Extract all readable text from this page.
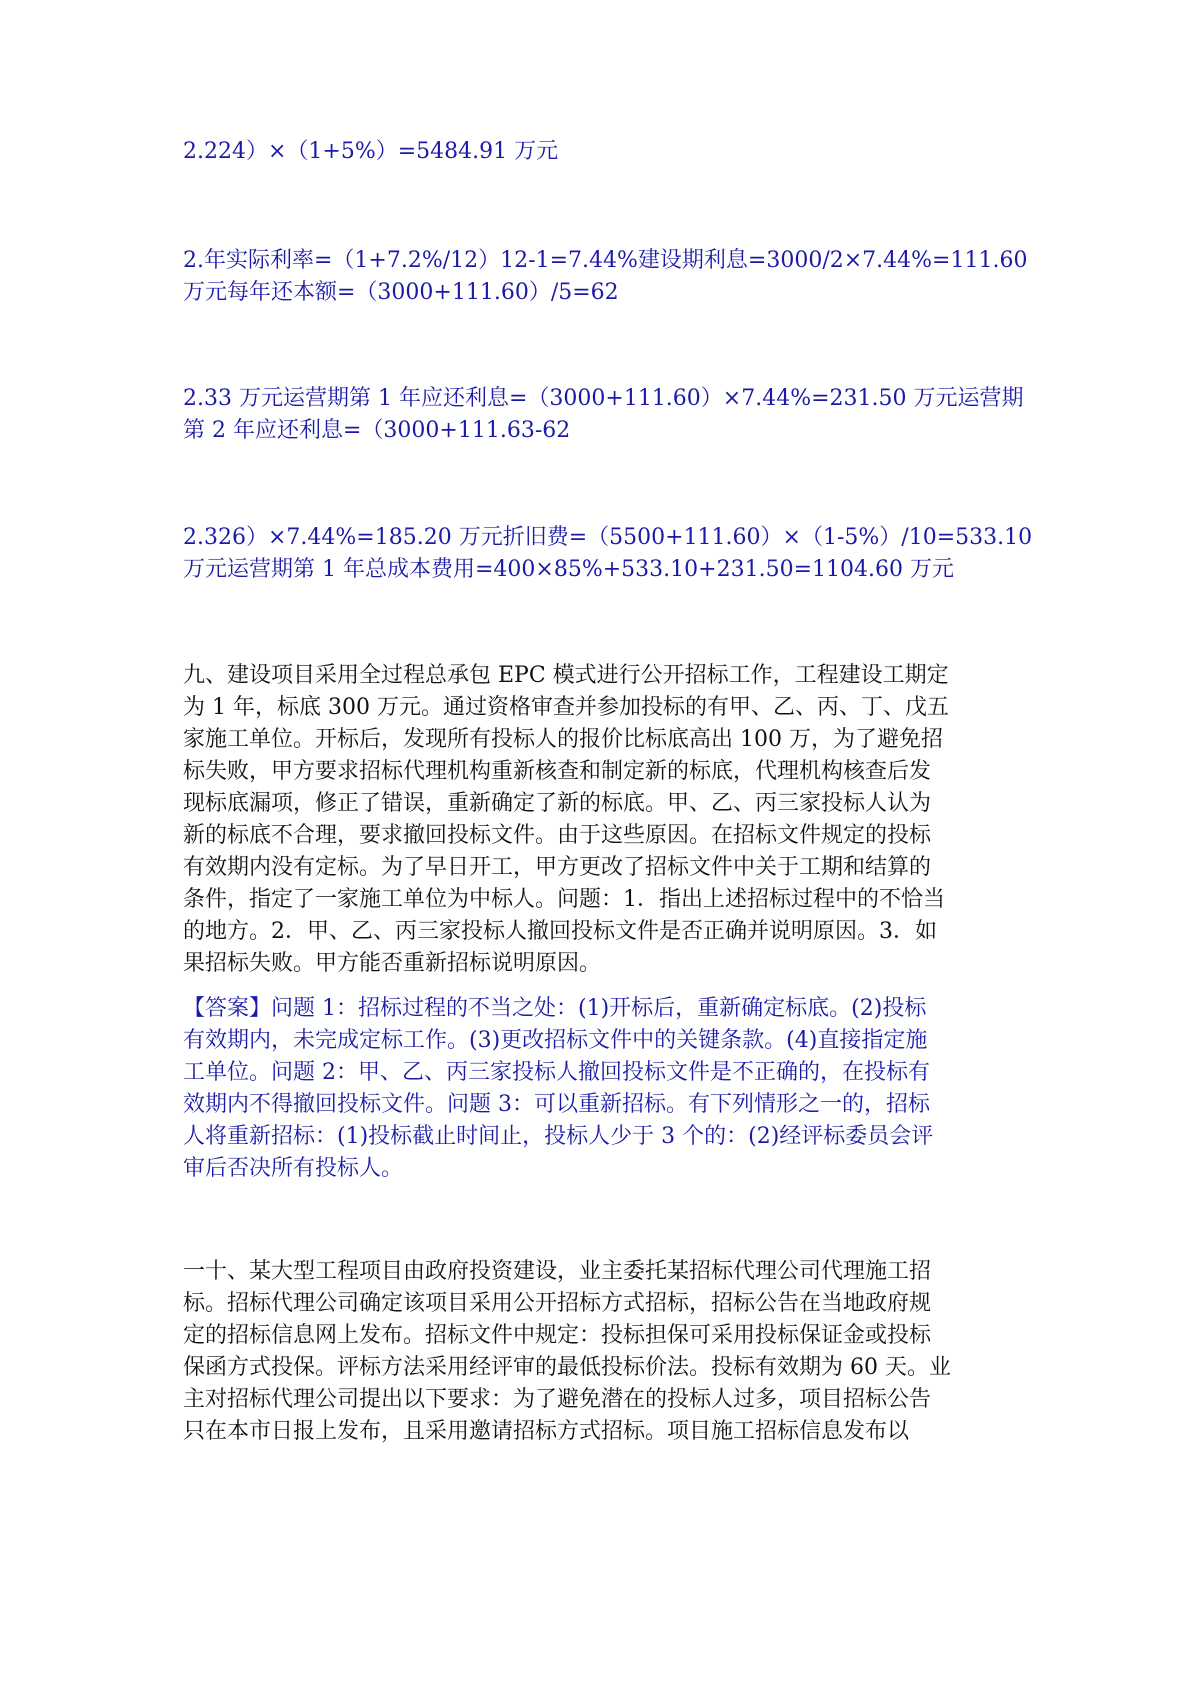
2.224）×（1+5%）=5484.91 万元
2.年实际利率=（1+7.2%/12）12-1=7.44%建设期利息=3000/2×7.44%=111.60
万元每年还本额=（3000+111.60）/5=62
2.33 万元运营期第 1 年应还利息=（3000+111.60）×7.44%=231.50 万元运营期
第 2 年应还利息=（3000+111.63-62
2.326）×7.44%=185.20 万元折旧费=（5500+111.60）×（1-5%）/10=533.10
万元运营期第 1 年总成本费用=400×85%+533.10+231.50=1104.60 万元
九、建设项目采用全过程总承包 EPC 模式进行公开招标工作，工程建设工期定
为 1 年，标底 300 万元。通过资格审查并参加投标的有甲、乙、丙、丁、戊五
家施工单位。开标后，发现所有投标人的报价比标底高出 100 万，为了避免招
标失败，甲方要求招标代理机构重新核查和制定新的标底，代理机构核查后发
现标底漏项，修正了错误，重新确定了新的标底。甲、乙、丙三家投标人认为
新的标底不合理，要求撤回投标文件。由于这些原因。在招标文件规定的投标
有效期内没有定标。为了早日开工，甲方更改了招标文件中关于工期和结算的
条件，指定了一家施工单位为中标人。问题：1．指出上述招标过程中的不恰当
的地方。2．甲、乙、丙三家投标人撤回投标文件是否正确并说明原因。3．如
果招标失败。甲方能否重新招标说明原因。
【答案】问题 1：招标过程的不当之处：(1)开标后，重新确定标底。(2)投标
有效期内，未完成定标工作。(3)更改招标文件中的关键条款。(4)直接指定施
工单位。问题 2：甲、乙、丙三家投标人撤回投标文件是不正确的，在投标有
效期内不得撤回投标文件。问题 3：可以重新招标。有下列情形之一的，招标
人将重新招标：(1)投标截止时间止，投标人少于 3 个的：(2)经评标委员会评
审后否决所有投标人。
一十、某大型工程项目由政府投资建设，业主委托某招标代理公司代理施工招
标。招标代理公司确定该项目采用公开招标方式招标，招标公告在当地政府规
定的招标信息网上发布。招标文件中规定：投标担保可采用投标保证金或投标
保函方式投保。评标方法采用经评审的最低投标价法。投标有效期为 60 天。业
主对招标代理公司提出以下要求：为了避免潜在的投标人过多，项目招标公告
只在本市日报上发布，且采用邀请招标方式招标。项目施工招标信息发布以
